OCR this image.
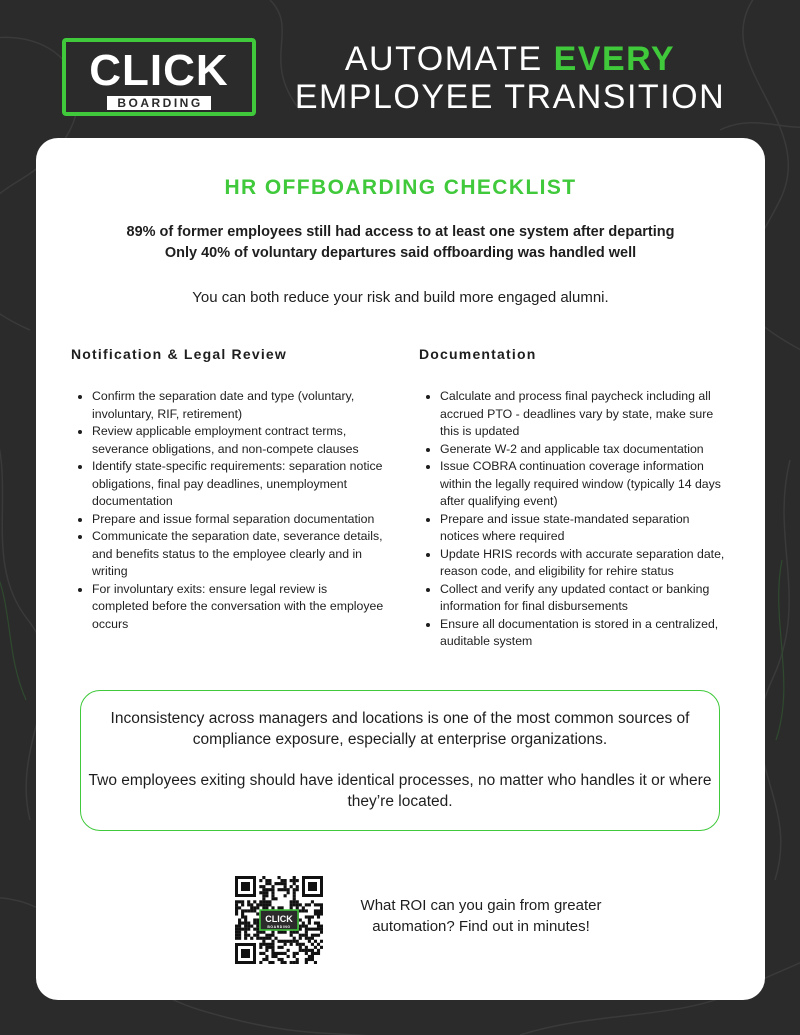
CLICK
BOARDING
AUTOMATE EVERY
EMPLOYEE TRANSITION
HR OFFBOARDING CHECKLIST
89% of former employees still had access to at least one system after departing
Only 40% of voluntary departures said offboarding was handled well
You can both reduce your risk and build more engaged alumni.
Notification & Legal Review
Confirm the separation date and type (voluntary, involuntary, RIF, retirement)
Review applicable employment contract terms, severance obligations, and non-compete clauses
Identify state-specific requirements: separation notice obligations, final pay deadlines, unemployment documentation
Prepare and issue formal separation documentation
Communicate the separation date, severance details, and benefits status to the employee clearly and in writing
For involuntary exits: ensure legal review is completed before the conversation with the employee occurs
Documentation
Calculate and process final paycheck including all accrued PTO - deadlines vary by state, make sure this is updated
Generate W-2 and applicable tax documentation
Issue COBRA continuation coverage information within the legally required window (typically 14 days after qualifying event)
Prepare and issue state-mandated separation notices where required
Update HRIS records with accurate separation date, reason code, and eligibility for rehire status
Collect and verify any updated contact or banking information for final disbursements
Ensure all documentation is stored in a centralized, auditable system

Inconsistency across managers and locations is one of the most common sources of compliance exposure, especially at enterprise organizations.

Two employees exiting should have identical processes, no matter who handles it or where they’re located.

CLICK
BOARDING
What ROI can you gain from greater automation? Find out in minutes!
